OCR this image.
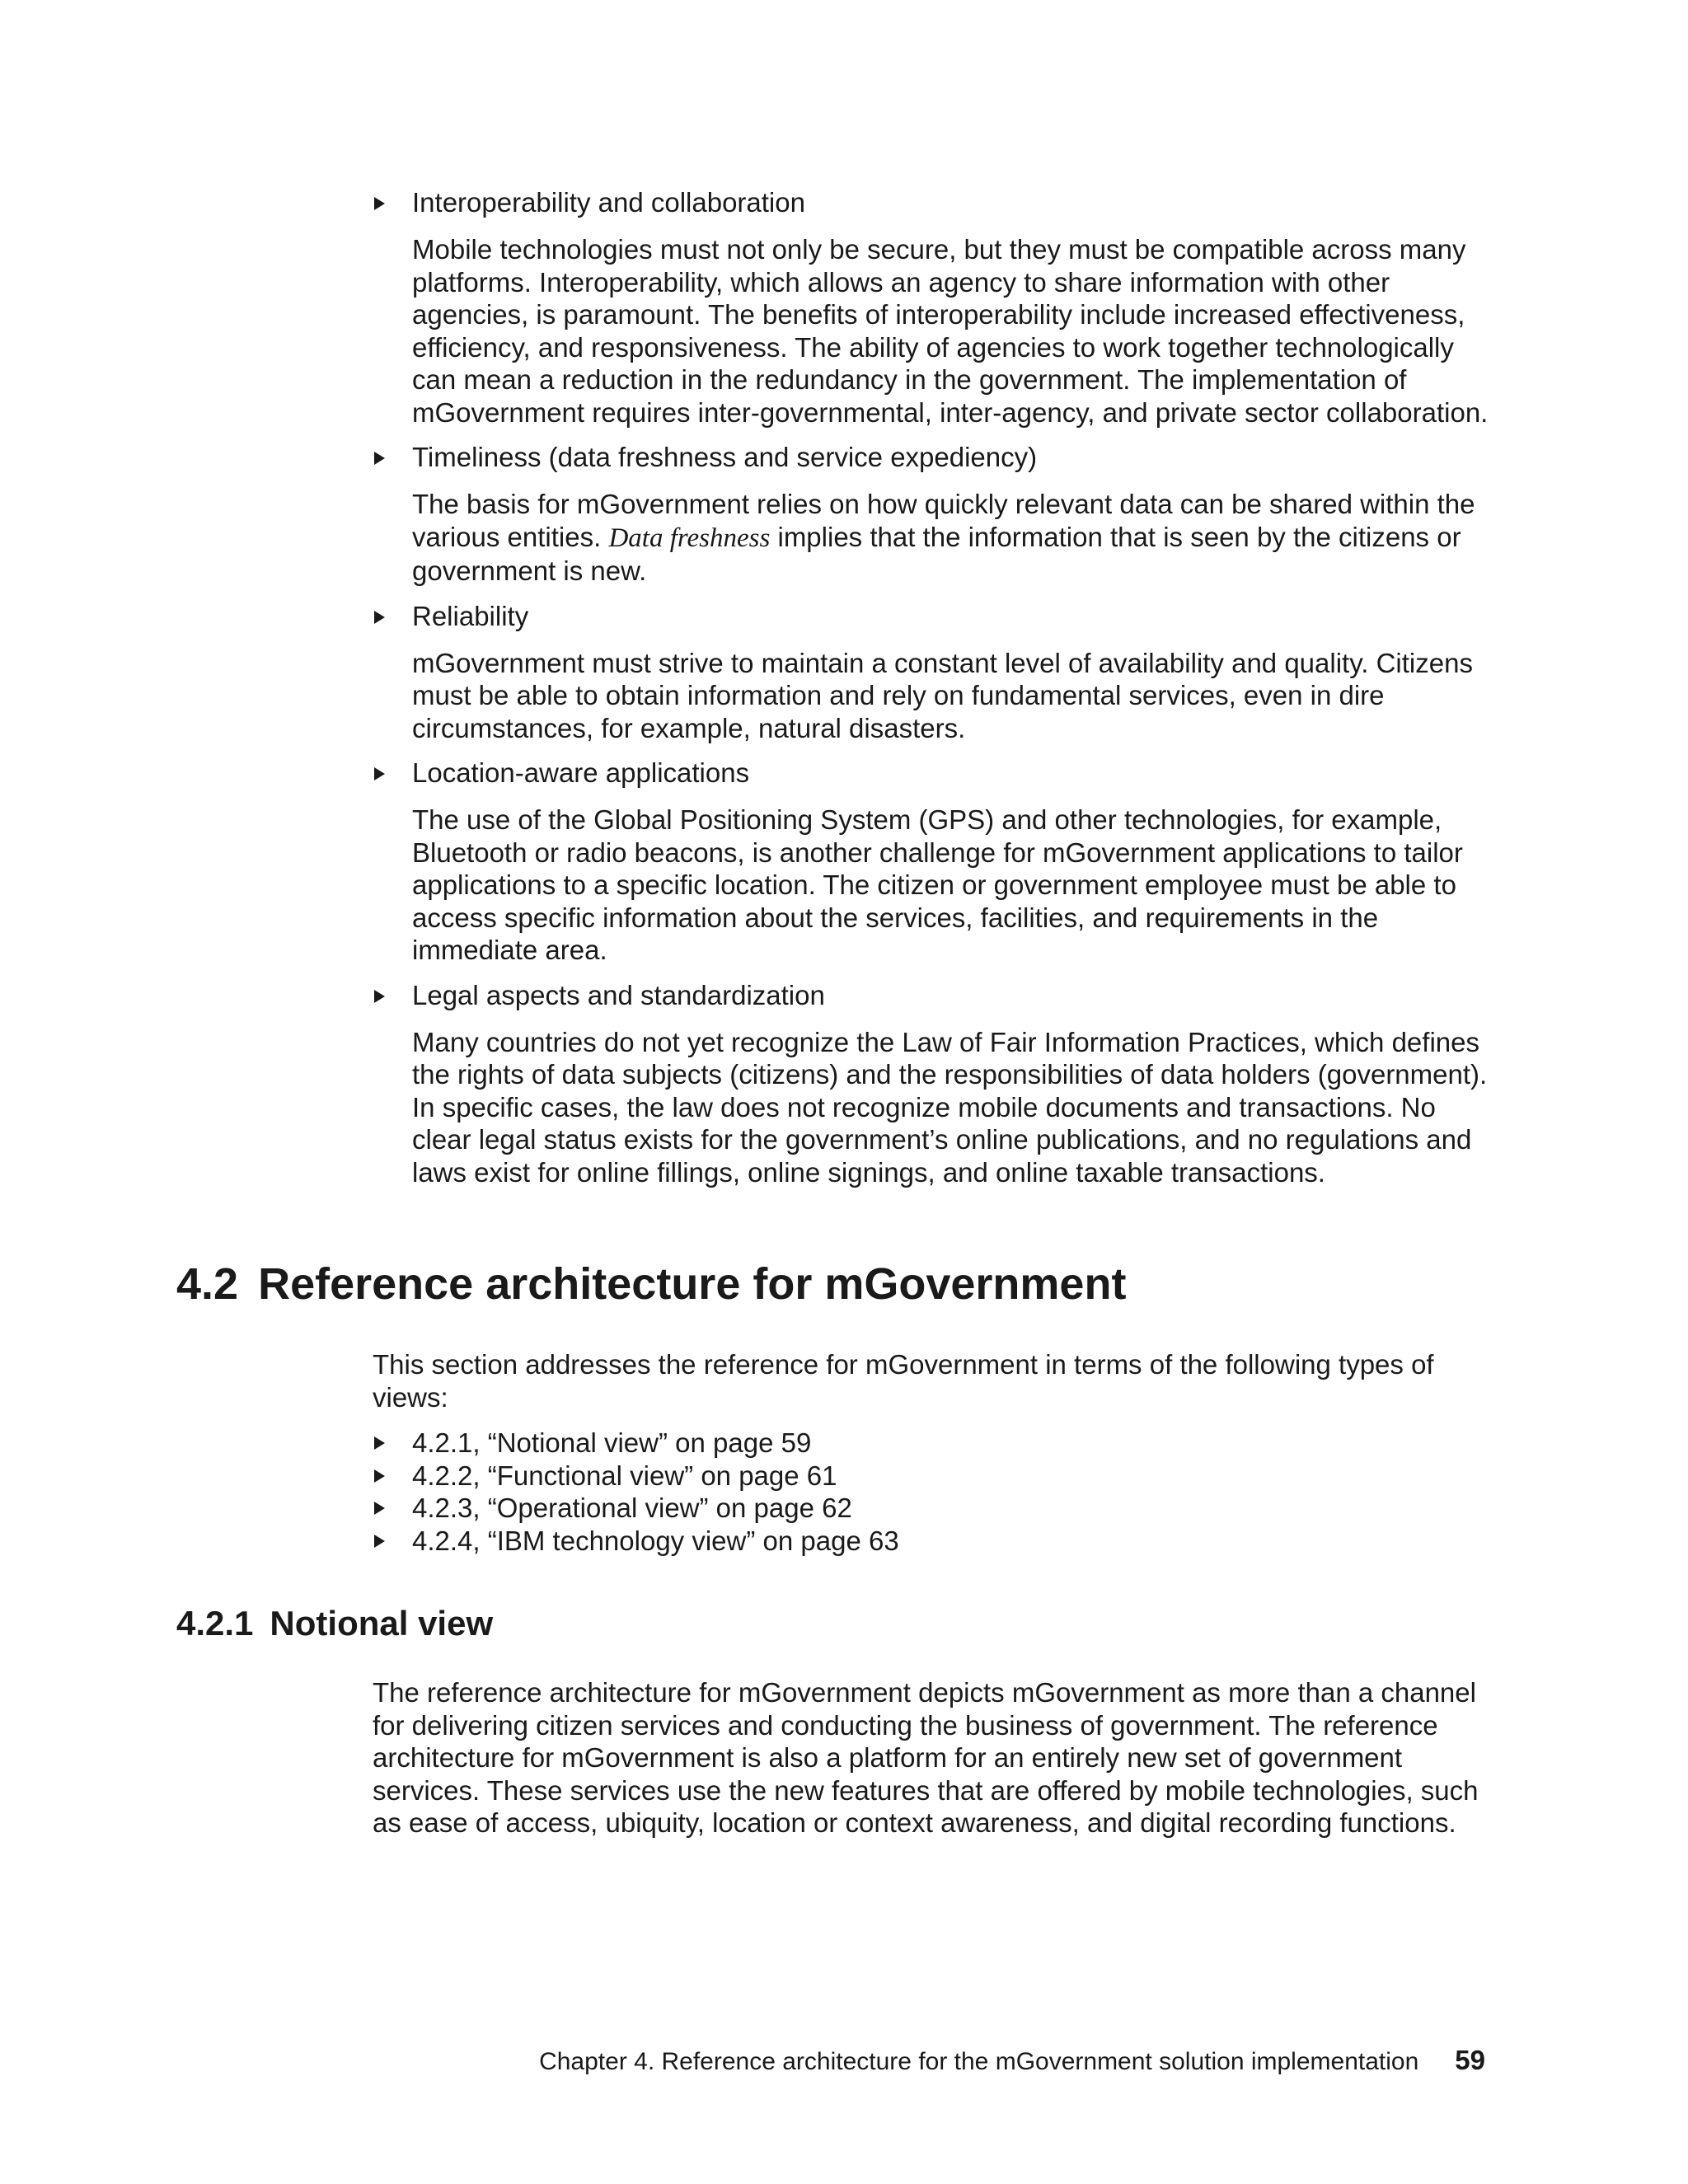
Interoperability and collaboration

Mobile technologies must not only be secure, but they must be compatible across many platforms. Interoperability, which allows an agency to share information with other agencies, is paramount. The benefits of interoperability include increased effectiveness, efficiency, and responsiveness. The ability of agencies to work together technologically can mean a reduction in the redundancy in the government. The implementation of mGovernment requires inter-governmental, inter-agency, and private sector collaboration.

Timeliness (data freshness and service expediency)

The basis for mGovernment relies on how quickly relevant data can be shared within the various entities. Data freshness implies that the information that is seen by the citizens or government is new.

Reliability

mGovernment must strive to maintain a constant level of availability and quality. Citizens must be able to obtain information and rely on fundamental services, even in dire circumstances, for example, natural disasters.

Location-aware applications

The use of the Global Positioning System (GPS) and other technologies, for example, Bluetooth or radio beacons, is another challenge for mGovernment applications to tailor applications to a specific location. The citizen or government employee must be able to access specific information about the services, facilities, and requirements in the immediate area.

Legal aspects and standardization

Many countries do not yet recognize the Law of Fair Information Practices, which defines the rights of data subjects (citizens) and the responsibilities of data holders (government). In specific cases, the law does not recognize mobile documents and transactions. No clear legal status exists for the government’s online publications, and no regulations and laws exist for online fillings, online signings, and online taxable transactions.

4.2 Reference architecture for mGovernment

This section addresses the reference for mGovernment in terms of the following types of views:

4.2.1, “Notional view” on page 59
4.2.2, “Functional view” on page 61
4.2.3, “Operational view” on page 62
4.2.4, “IBM technology view” on page 63
4.2.1 Notional view

The reference architecture for mGovernment depicts mGovernment as more than a channel for delivering citizen services and conducting the business of government. The reference architecture for mGovernment is also a platform for an entirely new set of government services. These services use the new features that are offered by mobile technologies, such as ease of access, ubiquity, location or context awareness, and digital recording functions.

Chapter 4. Reference architecture for the mGovernment solution implementation 59
